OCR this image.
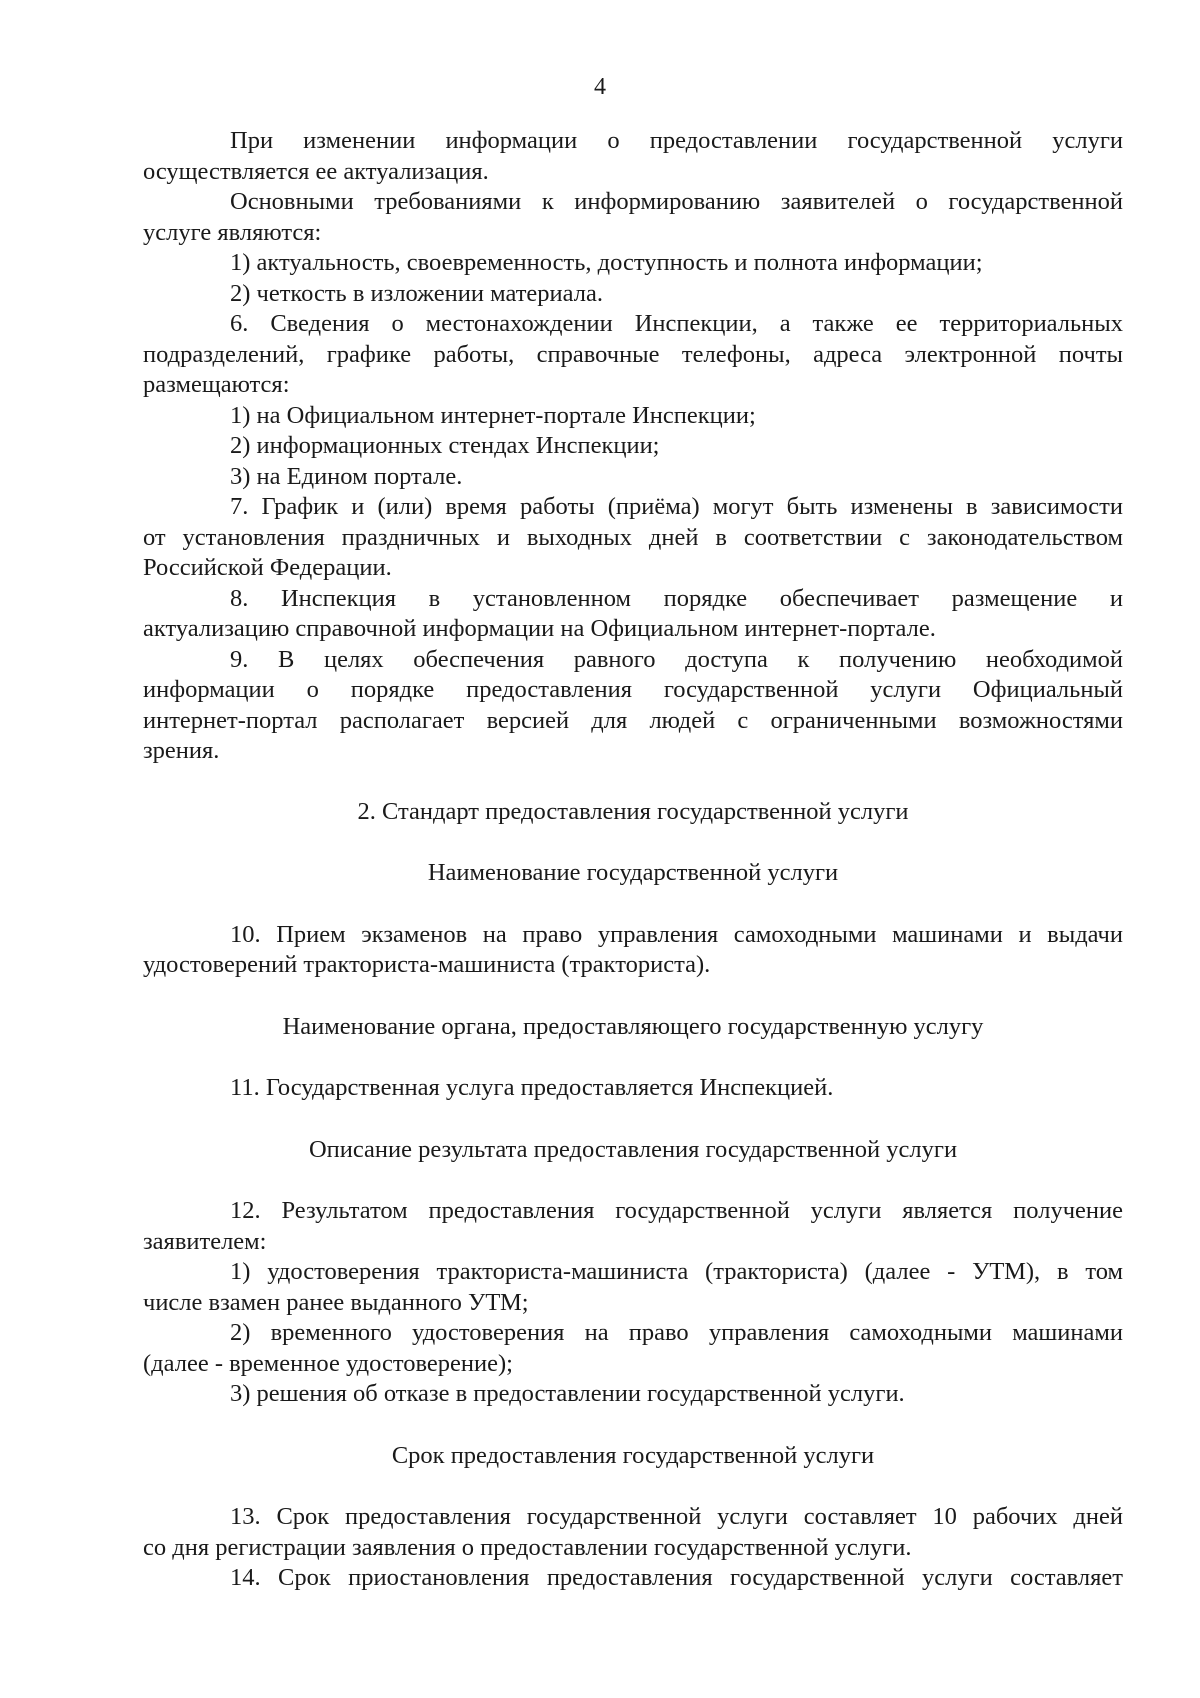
4
При изменении информации о предоставлении государственной услуги
осуществляется ее актуализация.
Основными требованиями к информированию заявителей о государственной
услуге являются:
1) актуальность, своевременность, доступность и полнота информации;
2) четкость в изложении материала.
6. Сведения о местонахождении Инспекции, а также ее территориальных
подразделений, графике работы, справочные телефоны, адреса электронной почты
размещаются:
1) на Официальном интернет-портале Инспекции;
2) информационных стендах Инспекции;
3) на Едином портале.
7. График и (или) время работы (приёма) могут быть изменены в зависимости
от установления праздничных и выходных дней в соответствии с законодательством
Российской Федерации.
8. Инспекция в установленном порядке обеспечивает размещение и
актуализацию справочной информации на Официальном интернет-портале.
9. В целях обеспечения равного доступа к получению необходимой
информации о порядке предоставления государственной услуги Официальный
интернет-портал располагает версией для людей с ограниченными возможностями
зрения.
2. Стандарт предоставления государственной услуги
Наименование государственной услуги
10. Прием экзаменов на право управления самоходными машинами и выдачи
удостоверений тракториста-машиниста (тракториста).
Наименование органа, предоставляющего государственную услугу
11. Государственная услуга предоставляется Инспекцией.
Описание результата предоставления государственной услуги
12. Результатом предоставления государственной услуги является получение
заявителем:
1) удостоверения тракториста-машиниста (тракториста) (далее - УТМ), в том
числе взамен ранее выданного УТМ;
2) временного удостоверения на право управления самоходными машинами
(далее - временное удостоверение);
3) решения об отказе в предоставлении государственной услуги.
Срок предоставления государственной услуги
13. Срок предоставления государственной услуги составляет 10 рабочих дней
со дня регистрации заявления о предоставлении государственной услуги.
14. Срок приостановления предоставления государственной услуги составляет
